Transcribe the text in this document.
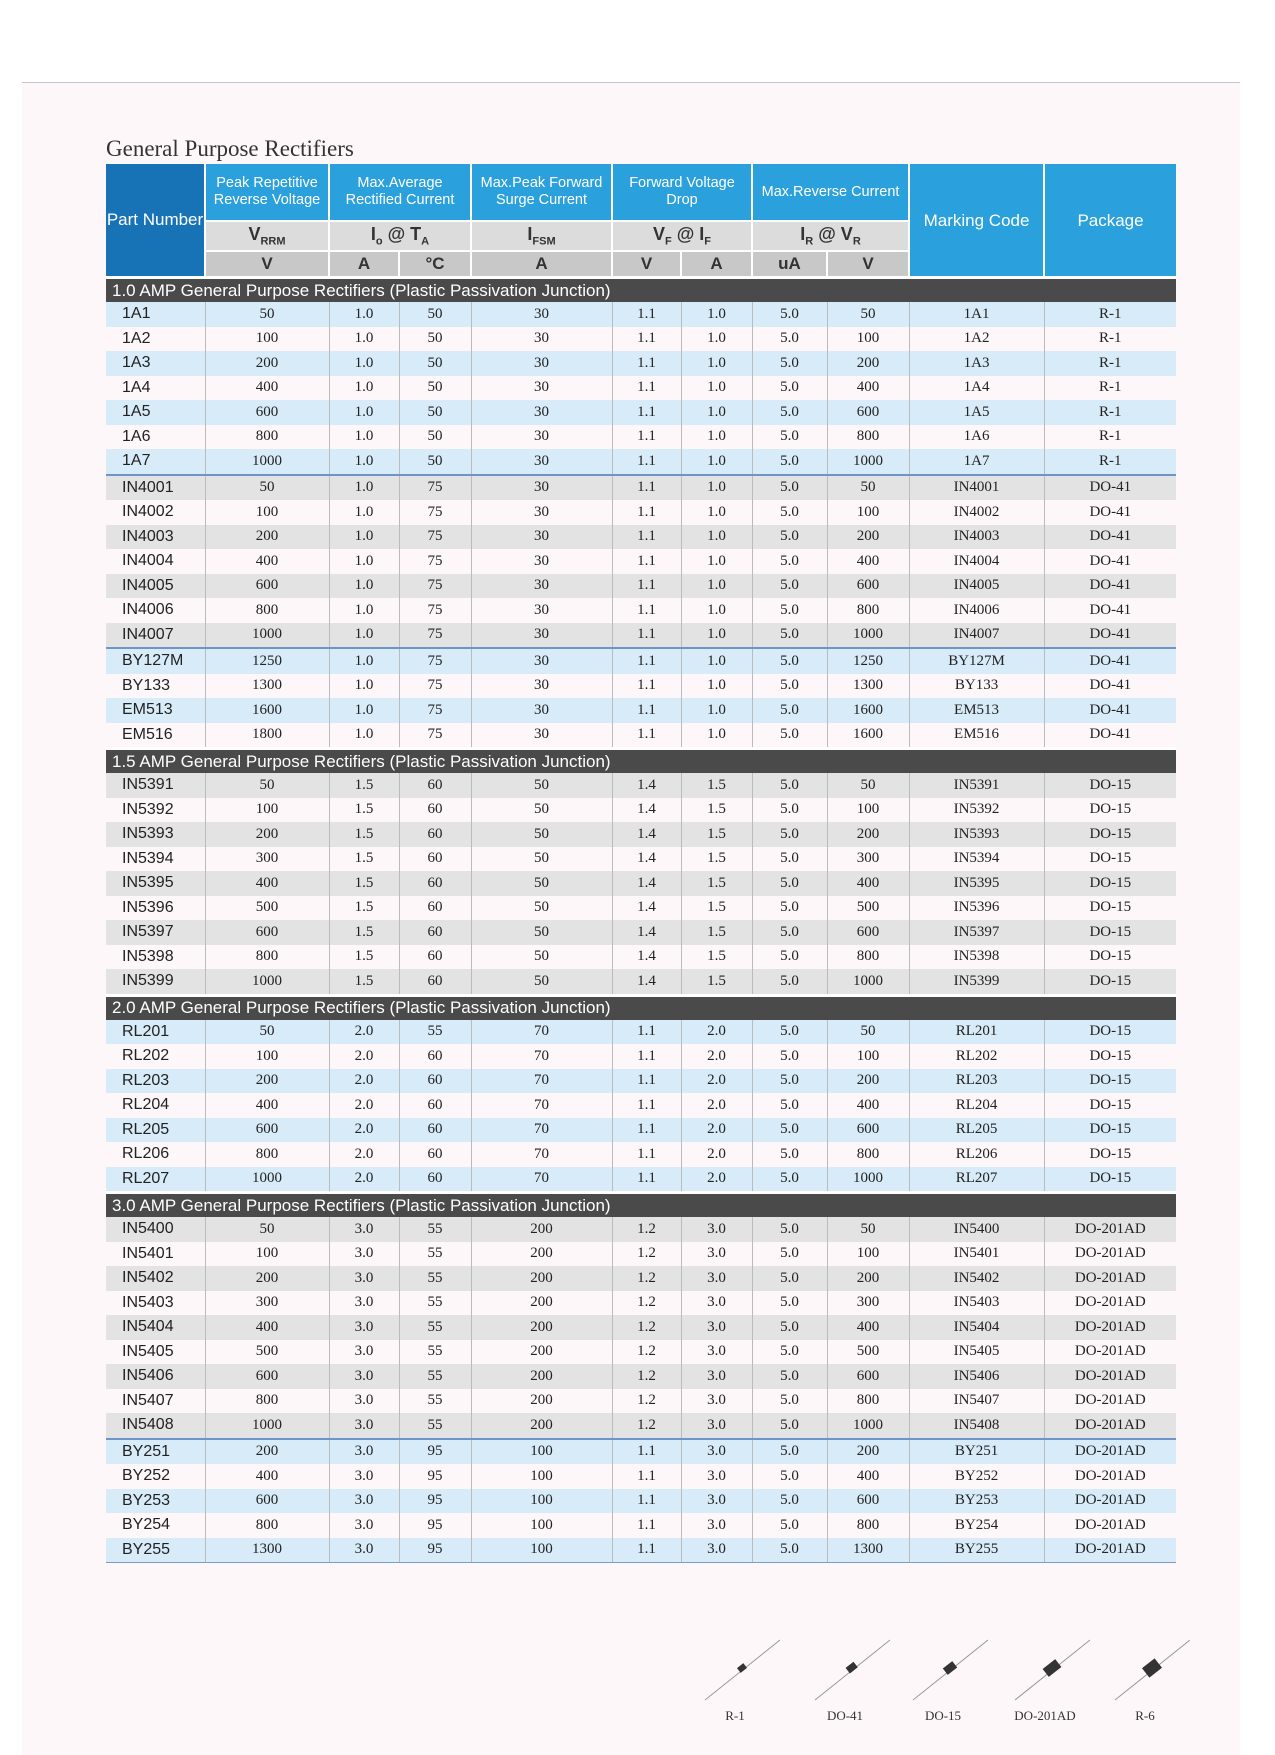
General Purpose Rectifiers
Part Number	Peak Repetitive Reverse Voltage	Max.Average Rectified Current		Max.Peak Forward Surge Current	Forward Voltage Drop		Max.Reverse Current		Marking Code	Package
	$V_{RRM}$	$I_o$ @ $T_A$		$I_{FSM}$	$V_F$ @ $I_F$		$I_R$ @ $V_R$
	V	A	°C	A	V	A	uA	V		
1.0 AMP General Purpose Rectifiers (Plastic Passivation Junction)										
1A1	50	1.0	50	30	1.1	1.0	5.0	50	1A1	R-1
1A2	100	1.0	50	30	1.1	1.0	5.0	100	1A2	R-1
1A3	200	1.0	50	30	1.1	1.0	5.0	200	1A3	R-1
1A4	400	1.0	50	30	1.1	1.0	5.0	400	1A4	R-1
1A5	600	1.0	50	30	1.1	1.0	5.0	600	1A5	R-1
1A6	800	1.0	50	30	1.1	1.0	5.0	800	1A6	R-1
1A7	1000	1.0	50	30	1.1	1.0	5.0	1000	1A7	R-1
IN4001	50	1.0	75	30	1.1	1.0	5.0	50	IN4001	DO-41
IN4002	100	1.0	75	30	1.1	1.0	5.0	100	IN4002	DO-41
IN4003	200	1.0	75	30	1.1	1.0	5.0	200	IN4003	DO-41
IN4004	400	1.0	75	30	1.1	1.0	5.0	400	IN4004	DO-41
IN4005	600	1.0	75	30	1.1	1.0	5.0	600	IN4005	DO-41
IN4006	800	1.0	75	30	1.1	1.0	5.0	800	IN4006	DO-41
IN4007	1000	1.0	75	30	1.1	1.0	5.0	1000	IN4007	DO-41
BY127M	1250	1.0	75	30	1.1	1.0	5.0	1250	BY127M	DO-41
BY133	1300	1.0	75	30	1.1	1.0	5.0	1300	BY133	DO-41
EM513	1600	1.0	75	30	1.1	1.0	5.0	1600	EM513	DO-41
EM516	1800	1.0	75	30	1.1	1.0	5.0	1600	EM516	DO-41
1.5 AMP General Purpose Rectifiers (Plastic Passivation Junction)										
IN5391	50	1.5	60	50	1.4	1.5	5.0	50	IN5391	DO-15
IN5392	100	1.5	60	50	1.4	1.5	5.0	100	IN5392	DO-15
IN5393	200	1.5	60	50	1.4	1.5	5.0	200	IN5393	DO-15
IN5394	300	1.5	60	50	1.4	1.5	5.0	300	IN5394	DO-15
IN5395	400	1.5	60	50	1.4	1.5	5.0	400	IN5395	DO-15
IN5396	500	1.5	60	50	1.4	1.5	5.0	500	IN5396	DO-15
IN5397	600	1.5	60	50	1.4	1.5	5.0	600	IN5397	DO-15
IN5398	800	1.5	60	50	1.4	1.5	5.0	800	IN5398	DO-15
IN5399	1000	1.5	60	50	1.4	1.5	5.0	1000	IN5399	DO-15
2.0 AMP General Purpose Rectifiers (Plastic Passivation Junction)										
RL201	50	2.0	55	70	1.1	2.0	5.0	50	RL201	DO-15
RL202	100	2.0	60	70	1.1	2.0	5.0	100	RL202	DO-15
RL203	200	2.0	60	70	1.1	2.0	5.0	200	RL203	DO-15
RL204	400	2.0	60	70	1.1	2.0	5.0	400	RL204	DO-15
RL205	600	2.0	60	70	1.1	2.0	5.0	600	RL205	DO-15
RL206	800	2.0	60	70	1.1	2.0	5.0	800	RL206	DO-15
RL207	1000	2.0	60	70	1.1	2.0	5.0	1000	RL207	DO-15
3.0 AMP General Purpose Rectifiers (Plastic Passivation Junction)										
IN5400	50	3.0	55	200	1.2	3.0	5.0	50	IN5400	DO-201AD
IN5401	100	3.0	55	200	1.2	3.0	5.0	100	IN5401	DO-201AD
IN5402	200	3.0	55	200	1.2	3.0	5.0	200	IN5402	DO-201AD
IN5403	300	3.0	55	200	1.2	3.0	5.0	300	IN5403	DO-201AD
IN5404	400	3.0	55	200	1.2	3.0	5.0	400	IN5404	DO-201AD
IN5405	500	3.0	55	200	1.2	3.0	5.0	500	IN5405	DO-201AD
IN5406	600	3.0	55	200	1.2	3.0	5.0	600	IN5406	DO-201AD
IN5407	800	3.0	55	200	1.2	3.0	5.0	800	IN5407	DO-201AD
IN5408	1000	3.0	55	200	1.2	3.0	5.0	1000	IN5408	DO-201AD
BY251	200	3.0	95	100	1.1	3.0	5.0	200	BY251	DO-201AD
BY252	400	3.0	95	100	1.1	3.0	5.0	400	BY252	DO-201AD
BY253	600	3.0	95	100	1.1	3.0	5.0	600	BY253	DO-201AD
BY254	800	3.0	95	100	1.1	3.0	5.0	800	BY254	DO-201AD
BY255	1300	3.0	95	100	1.1	3.0	5.0	1300	BY255	DO-201AD
R-1	DO-41	DO-15	DO-201AD	R-6
